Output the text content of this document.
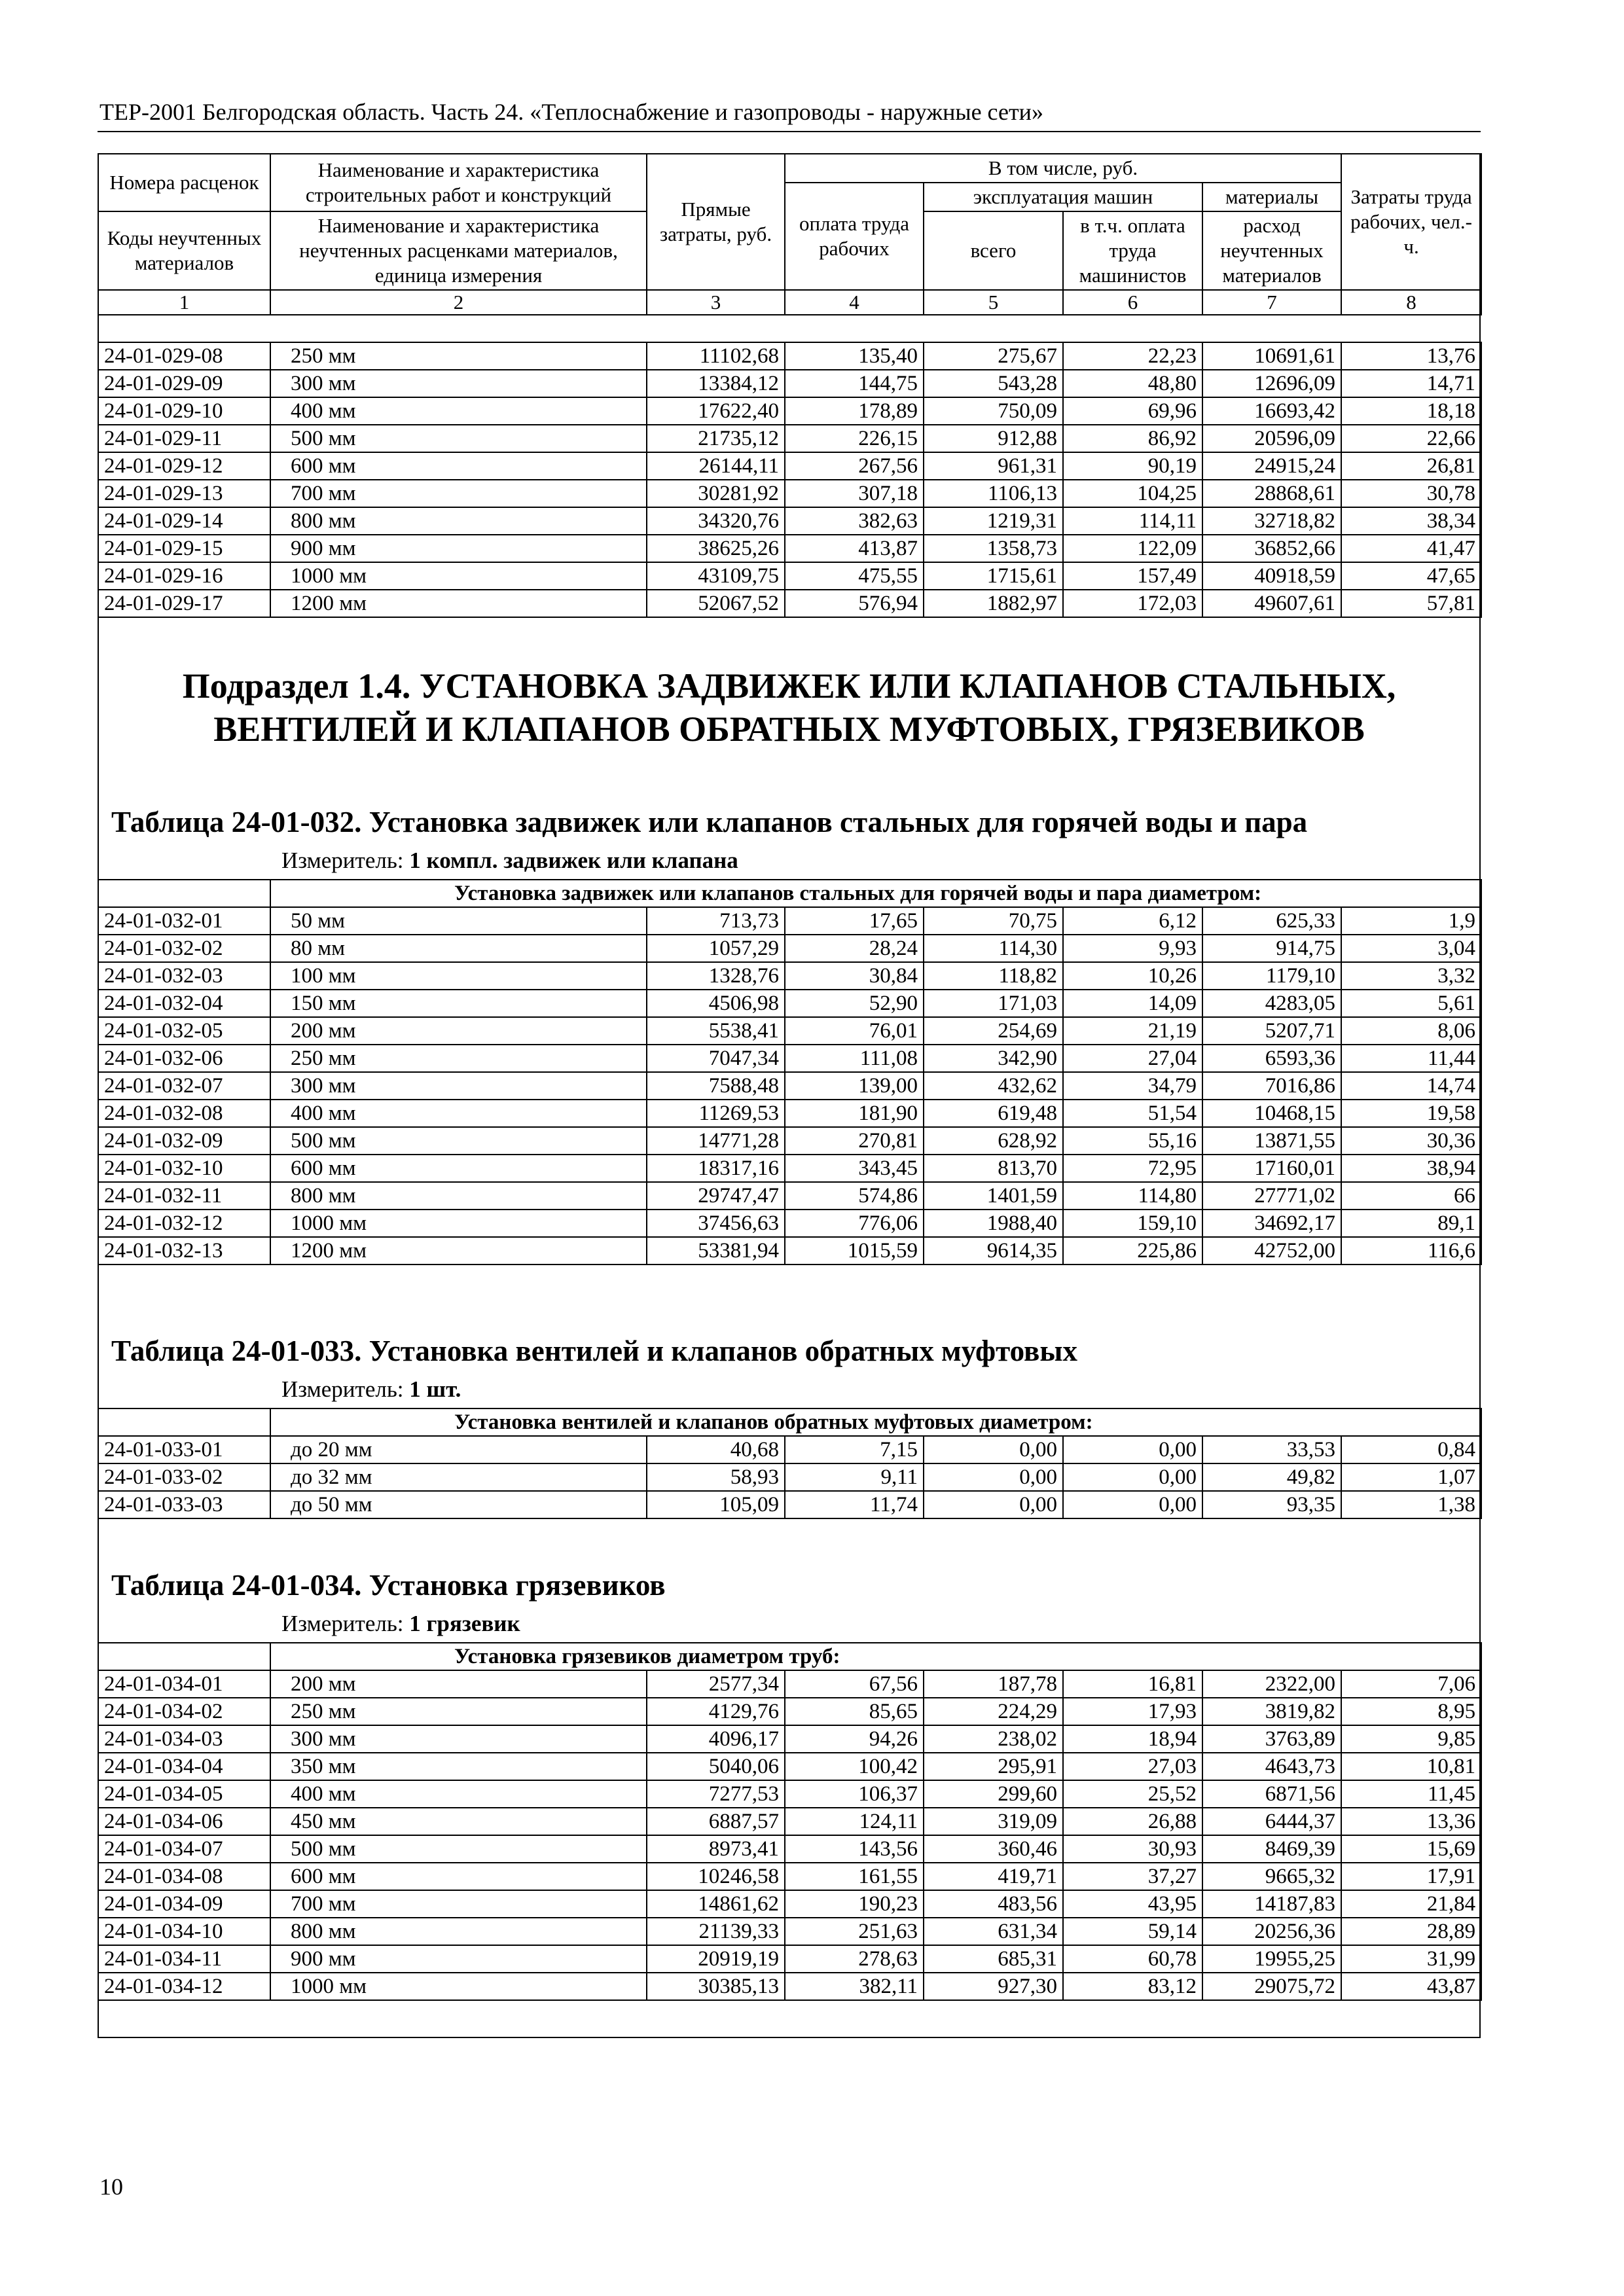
ТЕР-2001 Белгородская область. Часть 24. «Теплоснабжение и газопроводы - наружные сети»
Номера расценок	Наименование и характеристика строительных работ и конструкций	Прямые затраты, руб.	В том числе, руб.				Затраты труда рабочих, чел.-ч.
			оплата труда рабочих	эксплуатация машин		материалы	
Коды неучтенных материалов	Наименование и характеристика неучтенных расценками материалов, единица измерения			всего	в т.ч. оплата труда машинистов	расход неучтенных материалов	

1	2	3	4	5	6	7	8
24-01-029-08	250 мм	11102,68	135,40	275,67	22,23	10691,61	13,76
24-01-029-09	300 мм	13384,12	144,75	543,28	48,80	12696,09	14,71
24-01-029-10	400 мм	17622,40	178,89	750,09	69,96	16693,42	18,18
24-01-029-11	500 мм	21735,12	226,15	912,88	86,92	20596,09	22,66
24-01-029-12	600 мм	26144,11	267,56	961,31	90,19	24915,24	26,81
24-01-029-13	700 мм	30281,92	307,18	1106,13	104,25	28868,61	30,78
24-01-029-14	800 мм	34320,76	382,63	1219,31	114,11	32718,82	38,34
24-01-029-15	900 мм	38625,26	413,87	1358,73	122,09	36852,66	41,47
24-01-029-16	1000 мм	43109,75	475,55	1715,61	157,49	40918,59	47,65
24-01-029-17	1200 мм	52067,52	576,94	1882,97	172,03	49607,61	57,81
Подраздел 1.4. УСТАНОВКА ЗАДВИЖЕК ИЛИ КЛАПАНОВ СТАЛЬНЫХ,
ВЕНТИЛЕЙ И КЛАПАНОВ ОБРАТНЫХ МУФТОВЫХ, ГРЯЗЕВИКОВ
Таблица 24-01-032. Установка задвижек или клапанов стальных для горячей воды и пара
Измеритель: 1 компл. задвижек или клапана
	Установка задвижек или клапанов стальных для горячей воды и пара диаметром:						
24-01-032-01	50 мм	713,73	17,65	70,75	6,12	625,33	1,9
24-01-032-02	80 мм	1057,29	28,24	114,30	9,93	914,75	3,04
24-01-032-03	100 мм	1328,76	30,84	118,82	10,26	1179,10	3,32
24-01-032-04	150 мм	4506,98	52,90	171,03	14,09	4283,05	5,61
24-01-032-05	200 мм	5538,41	76,01	254,69	21,19	5207,71	8,06
24-01-032-06	250 мм	7047,34	111,08	342,90	27,04	6593,36	11,44
24-01-032-07	300 мм	7588,48	139,00	432,62	34,79	7016,86	14,74
24-01-032-08	400 мм	11269,53	181,90	619,48	51,54	10468,15	19,58
24-01-032-09	500 мм	14771,28	270,81	628,92	55,16	13871,55	30,36
24-01-032-10	600 мм	18317,16	343,45	813,70	72,95	17160,01	38,94
24-01-032-11	800 мм	29747,47	574,86	1401,59	114,80	27771,02	66
24-01-032-12	1000 мм	37456,63	776,06	1988,40	159,10	34692,17	89,1
24-01-032-13	1200 мм	53381,94	1015,59	9614,35	225,86	42752,00	116,6
Таблица 24-01-033. Установка вентилей и клапанов обратных муфтовых
Измеритель: 1 шт.
	Установка вентилей и клапанов обратных муфтовых диаметром:						
24-01-033-01	до 20 мм	40,68	7,15	0,00	0,00	33,53	0,84
24-01-033-02	до 32 мм	58,93	9,11	0,00	0,00	49,82	1,07
24-01-033-03	до 50 мм	105,09	11,74	0,00	0,00	93,35	1,38
Таблица 24-01-034. Установка грязевиков
Измеритель: 1 грязевик
	Установка грязевиков диаметром труб:						
24-01-034-01	200 мм	2577,34	67,56	187,78	16,81	2322,00	7,06
24-01-034-02	250 мм	4129,76	85,65	224,29	17,93	3819,82	8,95
24-01-034-03	300 мм	4096,17	94,26	238,02	18,94	3763,89	9,85
24-01-034-04	350 мм	5040,06	100,42	295,91	27,03	4643,73	10,81
24-01-034-05	400 мм	7277,53	106,37	299,60	25,52	6871,56	11,45
24-01-034-06	450 мм	6887,57	124,11	319,09	26,88	6444,37	13,36
24-01-034-07	500 мм	8973,41	143,56	360,46	30,93	8469,39	15,69
24-01-034-08	600 мм	10246,58	161,55	419,71	37,27	9665,32	17,91
24-01-034-09	700 мм	14861,62	190,23	483,56	43,95	14187,83	21,84
24-01-034-10	800 мм	21139,33	251,63	631,34	59,14	20256,36	28,89
24-01-034-11	900 мм	20919,19	278,63	685,31	60,78	19955,25	31,99
24-01-034-12	1000 мм	30385,13	382,11	927,30	83,12	29075,72	43,87
10
